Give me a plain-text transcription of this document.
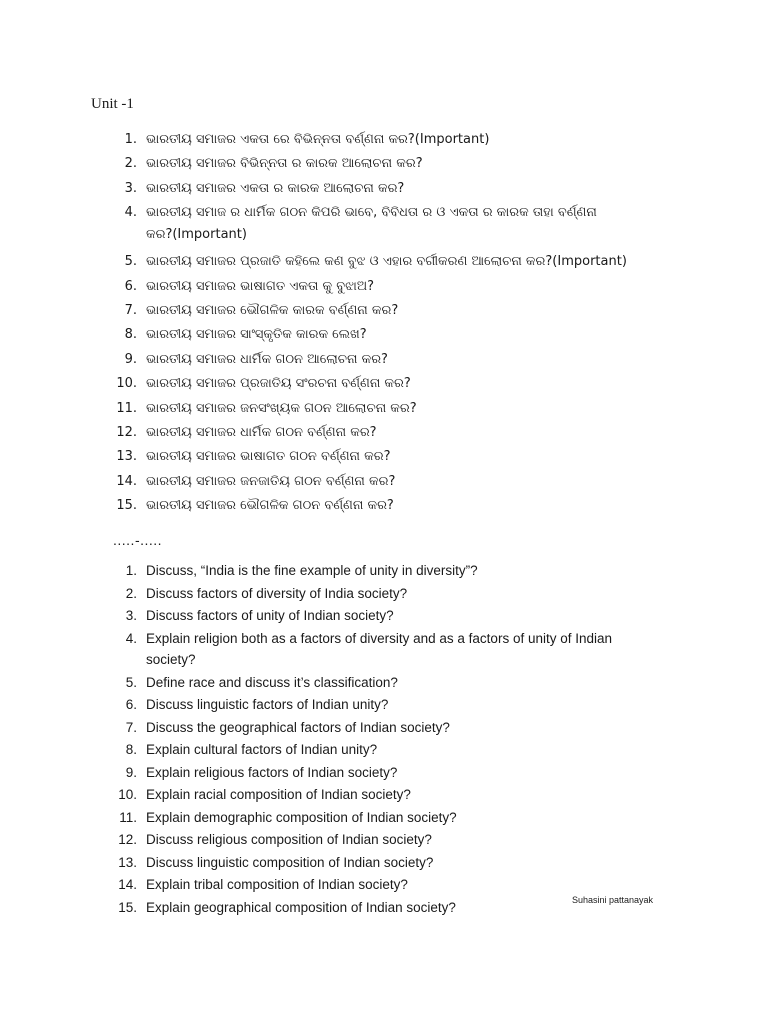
Unit -1
1. ଭାରତୀୟ ସମାଜର ଏକତା ରେ ବିଭିନ୍ନତା ବର୍ଣ୍ଣନା କର?(Important)
2. ଭାରତୀୟ ସମାଜର ବିଭିନ୍ନତା ର କାରକ ଆଲୋଚନା କର?
3. ଭାରତୀୟ ସମାଜର ଏକତା ର କାରକ ଆଲୋଚନା କର?
4. ଭାରତୀୟ ସମାଜ ର ଧାର୍ମିକ ଗଠନ କିପରି ଭାବେ, ବିବିଧତା ର ଓ ଏକତା ର କାରକ ତାହା ବର୍ଣ୍ଣନା
କର?(Important)
5. ଭାରତୀୟ ସମାଜର ପ୍ରଜାତି କହିଲେ କଣ ବୁଝ ଓ ଏହାର ବର୍ଗୀକରଣ ଆଲୋଚନା କର?(Important)
6. ଭାରତୀୟ ସମାଜର ଭାଷାଗତ ଏକତା କୁ ବୁଝାଅ?
7. ଭାରତୀୟ ସମାଜର ଭୌଗଳିକ କାରକ ବର୍ଣ୍ଣନା କର?
8. ଭାରତୀୟ ସମାଜର ସାଂସ୍କୃତିକ କାରକ ଲେଖ?
9. ଭାରତୀୟ ସମାଜର ଧାର୍ମିକ ଗଠନ ଆଲୋଚନା କର?
10. ଭାରତୀୟ ସମାଜର ପ୍ରଜାତିୟ ସଂରଚନା ବର୍ଣ୍ଣନା କର?
11. ଭାରତୀୟ ସମାଜର ଜନସଂଖ୍ୟକ ଗଠନ ଆଲୋଚନା କର?
12. ଭାରତୀୟ ସମାଜର ଧାର୍ମିକ ଗଠନ ବର୍ଣ୍ଣନା କର?
13. ଭାରତୀୟ ସମାଜର ଭାଷାଗତ ଗଠନ ବର୍ଣ୍ଣନା କର?
14. ଭାରତୀୟ ସମାଜର ଜନଜାତିୟ ଗଠନ ବର୍ଣ୍ଣନା କର?
15. ଭାରତୀୟ ସମାଜର ଭୌଗଳିକ ଗଠନ ବର୍ଣ୍ଣନା କର?
.....-.....
1. Discuss, “India is the fine example of unity in diversity”?
2. Discuss factors of diversity of India society?
3. Discuss factors of unity of Indian society?
4. Explain religion both as a factors of diversity and as a factors of unity of Indian
society?
5. Define race and discuss it’s classification?
6. Discuss linguistic factors of Indian unity?
7. Discuss the geographical factors of Indian society?
8. Explain cultural factors of Indian unity?
9. Explain religious factors of Indian society?
10. Explain racial composition of Indian society?
11. Explain demographic composition of Indian society?
12. Discuss religious composition of Indian society?
13. Discuss linguistic composition of Indian society?
14. Explain tribal composition of Indian society?
15. Explain geographical composition of Indian society?	Suhasini pattanayak
